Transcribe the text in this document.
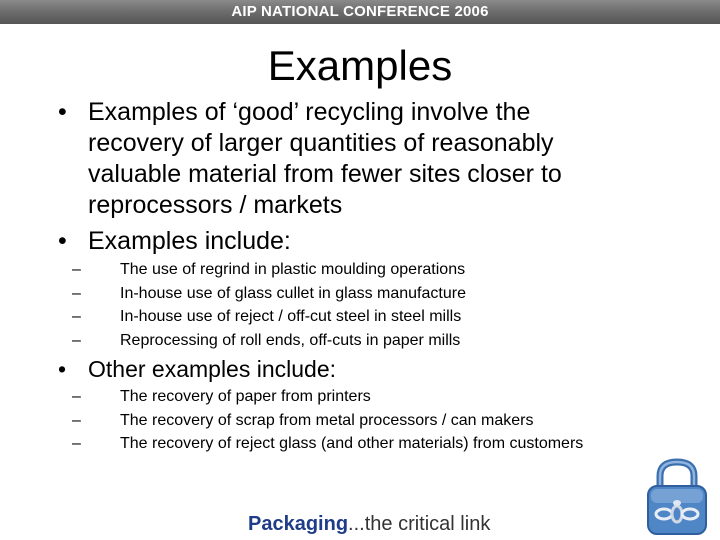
AIP NATIONAL CONFERENCE 2006
Examples
• Examples of ‘good’ recycling involve the
recovery of larger quantities of reasonably
valuable material from fewer sites closer to
reprocessors / markets
• Examples include:
– The use of regrind in plastic moulding operations
– In-house use of glass cullet in glass manufacture
– In-house use of reject / off-cut steel in steel mills
– Reprocessing of roll ends, off-cuts in paper mills
• Other examples include:
– The recovery of paper from printers
– The recovery of scrap from metal processors / can makers
– The recovery of reject glass (and other materials) from customers
Packaging...the critical link
